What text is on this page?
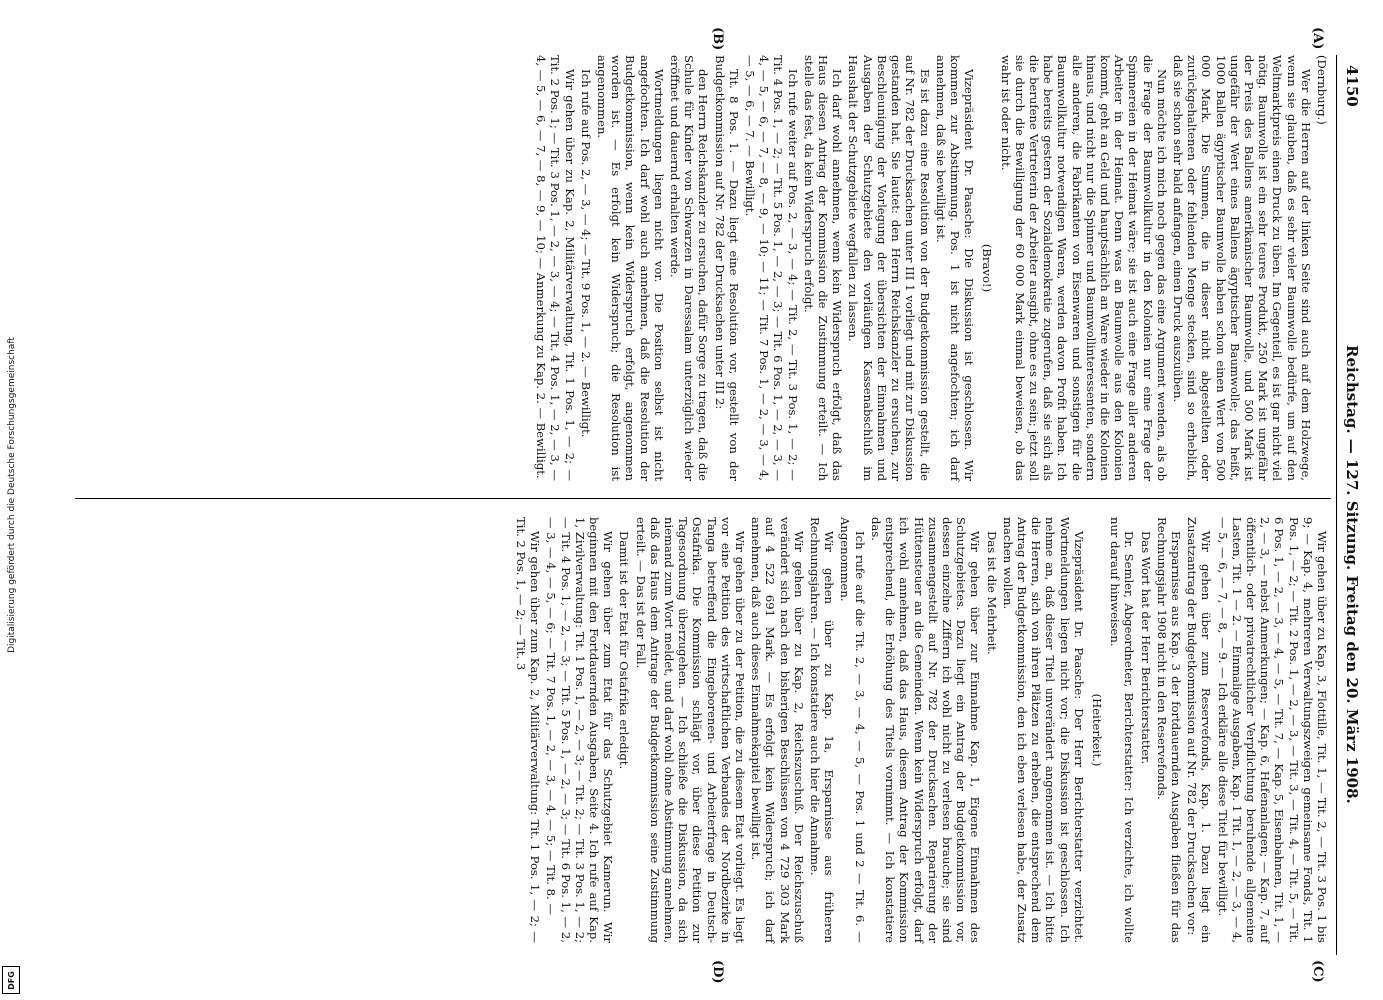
Digitalisierung gefördert durch die Deutsche Forschungsgemeinschaft
DFG
4150
Reichstag. — 127. Sitzung. Freitag den 20. März 1908.
(A)
(B)
(C)
(D)

(Dernburg.)

Wer die Herren auf der linken Seite sind auch auf dem Holzwege, wenn sie glauben, daß es sehr vieler Baumwolle bedürfe, um auf den Weltmarktpreis einen Druck zu üben. Im Gegenteil, es ist gar nicht viel nötig. Baumwolle ist ein sehr teures Produkt, 250 Mark ist ungefähr der Preis des Ballens amerikanischer Baumwolle, und 500 Mark ist ungefähr der Wert eines Ballens ägyptischer Baumwolle; das heißt, 1000 Ballen ägyptischer Baumwolle haben schon einen Wert von 500 000 Mark. Die Summen, die in dieser nicht abgestellten oder zurückgehaltenen oder fehlenden Menge stecken, sind so erheblich, daß sie schon sehr bald anfangen, einen Druck auszuüben.

Nun möchte ich mich noch gegen das eine Argument wenden, als ob die Frage der Baumwollkultur in den Kolonien nur eine Frage der Spinnereien in der Heimat wäre; sie ist auch eine Frage aller anderen Arbeiter in der Heimat. Denn was an Baumwolle aus den Kolonien kommt, geht an Geld und hauptsächlich an Ware wieder in die Kolonien hinaus, und nicht nur die Spinner und Baumwollinteressenten, sondern alle anderen, die Fabrikanten von Eisenwaren und sonstigen für die Baumwollkultur notwendigen Waren, werden davon Profit haben. Ich habe bereits gestern der Sozialdemokratie zugerufen, daß sie sich als die berufene Vertreterin der Arbeiter ausgibt, ohne es zu sein; jetzt soll sie durch die Bewilligung der 60 000 Mark einmal beweisen, ob das wahr ist oder nicht.

(Bravo!)

Vizepräsident Dr. Paasche: Die Diskussion ist geschlossen. Wir kommen zur Abstimmung. Pos. 1 ist nicht angefochten; ich darf annehmen, daß sie bewilligt ist.

Es ist dazu eine Resolution von der Budgetkommission gestellt, die auf Nr. 782 der Drucksachen unter III 1 vorliegt und mit zur Diskussion gestanden hat. Sie lautet: den Herrn Reichskanzler zu ersuchen, zur Beschleunigung der Vorlegung der übersichten der Einnahmen und Ausgaben der Schutzgebiete den vorläufigen Kassenabschluß im Haushalt der Schutzgebiete wegfallen zu lassen.

Ich darf wohl annehmen, wenn kein Widerspruch erfolgt, daß das Haus diesen Antrag der Kommission die Zustimmung erteilt. — Ich stelle das fest, da kein Widerspruch erfolgt.

Ich rufe weiter auf Pos. 2, — 3, — 4; — Tit. 2, — Tit. 3 Pos. 1, — 2; — Tit. 4 Pos. 1, — 2; — Tit. 5 Pos. 1, — 2, — 3; — Tit. 6 Pos. 1, — 2, — 3, — 4, — 5, — 6, — 7, — 8, — 9, — 10; — 11; — Tit. 7 Pos. 1, — 2, — 3, — 4, — 5, — 6, — 7. — Bewilligt.

Tit. 8 Pos. 1. — Dazu liegt eine Resolution vor, gestellt von der Budgetkommission auf Nr. 782 der Drucksachen unter III 2:

den Herrn Reichskanzler zu ersuchen, dafür Sorge zu tragen, daß die Schule für Kinder von Schwarzen in Daressalam unterzüglich wieder eröffnet und dauernd erhalten werde.

Wortmeldungen liegen nicht vor. Die Position selbst ist nicht angefochten. Ich darf wohl auch annehmen, daß die Resolution der Budgetkommission, wenn kein Widerspruch erfolgt, angenommen worden ist. — Es erfolgt kein Widerspruch; die Resolution ist angenommen.

Ich rufe auf Pos. 2, — 3, — 4; — Tit. 9 Pos. 1, — 2. — Bewilligt.

Wir gehen über zu Kap. 2, Militärverwaltung, Tit. 1 Pos. 1, — 2; — Tit. 2 Pos. 1; — Tit. 3 Pos. 1, — 2, — 3, — 4; — Tit. 4 Pos. 1, — 2, — 3, — 4, — 5, — 6, — 7, — 8, — 9, — 10; — Anmerkung zu Kap. 2. — Bewilligt.

Wir gehen über zu Kap. 3, Flottille, Tit. 1, — Tit. 2, — Tit. 3 Pos. 1 bis 9; — Kap. 4, mehreren Verwaltungszweigen gemeinsame Fonds, Tit. 1 Pos. 1, — 2; — Tit. 2 Pos. 1, — 2, — 3, — Tit. 3, — Tit. 4, — Tit. 5, — Tit. 6 Pos. 1, — 2, — 3, — 4, — 5, — Tit. 7, — Kap. 5, Eisenbahnen, Tit. 1, — 2, — 3, — nebst Anmerkungen; — Kap. 6, Hafenanlagen; — Kap. 7, auf öffentlich- oder privatrechtlicher Verpflichtung beruhende allgemeine Lasten, Tit. 1 — 2. — Einmalige Ausgaben, Kap. 1 Tit. 1, — 2, — 3, — 4, — 5, — 6, — 7, — 8, — 9. — Ich erkläre alle diese Titel für bewilligt.

Wir gehen über zum Reservefonds, Kap. 1. Dazu liegt ein Zusatzantrag der Budgetkommission auf Nr. 782 der Drucksachen vor:

Ersparnisse aus Kap. 3 der fortdauernden Ausgaben fließen für das Rechnungsjahr 1908 nicht in den Reservefonds.

Das Wort hat der Herr Berichterstatter.

Dr. Semler, Abgeordneter, Berichterstatter: Ich verzichte, ich wollte nur darauf hinweisen.

(Heiterkeit.)

Vizepräsident Dr. Paasche: Der Herr Berichterstatter verzichtet. Wortmeldungen liegen nicht vor; die Diskussion ist geschlossen. Ich nehme an, daß dieser Titel unverändert angenommen ist. — Ich bitte die Herren, sich von ihren Plätzen zu erheben, die entsprechend dem Antrag der Budgetkommission, den ich eben verlesen habe, der Zusatz machen wollen.

Das ist die Mehrheit.

Wir gehen über zur Einnahme Kap. 1, Eigene Einnahmen des Schutzgebietes. Dazu liegt ein Antrag der Budgetkommission vor, dessen einzelne Ziffern ich wohl nicht zu verlesen brauche; sie sind zusammengestellt auf Nr. 782 der Drucksachen. Reparierung der Hüttensteuer an die Gemeinden. Wenn kein Widerspruch erfolgt, darf ich wohl annehmen, daß das Haus, diesem Antrag der Kommission entsprechend, die Erhöhung des Titels vornimmt. — Ich konstatiere das.

Ich rufe auf die Tit. 2, — 3, — 4, — 5, — Pos. 1 und 2 — Tit. 6. — Angenommen.

Wir gehen über zu Kap. 1a, Ersparnisse aus früheren Rechnungsjahren. — Ich konstatiere auch hier die Annahme.

Wir gehen über zu Kap. 2, Reichszuschuß. Der Reichszuschuß verändert sich nach den bisherigen Beschlüssen von 4 729 303 Mark auf 4 522 691 Mark. — Es erfolgt kein Widerspruch; ich darf annehmen, daß auch dieses Einnahmekapitel bewilligt ist.

Wir gehen über zu der Petition, die zu diesem Etat vorliegt. Es liegt vor eine Petition des wirtschaftlichen Verbandes der Nordbezirke in Tanga betreffend die Eingeborenen- und Arbeiterfrage in Deutsch-Ostafrika. Die Kommission schlägt vor, über diese Petition zur Tagesordnung überzugehen. — Ich schließe die Diskussion, da sich niemand zum Wort meldet, und darf wohl ohne Abstimmung annehmen, daß das Haus dem Antrage der Budgetkommission seine Zustimmung erteilt. — Das ist der Fall.

Damit ist der Etat für Ostafrika erledigt.

Wir gehen über zum Etat für das Schutzgebiet Kamerun. Wir beginnen mit den Fortdauernden Ausgaben, Seite 4. Ich rufe auf Kap. 1, Zivilverwaltung: Tit. 1 Pos. 1, — 2, — 3; — Tit. 2; — Tit. 3 Pos. 1, — 2; — Tit. 4 Pos. 1, — 2, — 3; — Tit. 5 Pos. 1, — 2, — 3; — Tit. 6 Pos. 1, — 2, — 3, — 4, — 5, — 6; — Tit. 7 Pos. 1, — 2, — 3, — 4, — 5; — Tit. 8. —

Wir gehen über zum Kap. 2, Militärverwaltung: Tit. 1 Pos. 1, — 2; — Tit. 2 Pos. 1, — 2; — Tit. 3
